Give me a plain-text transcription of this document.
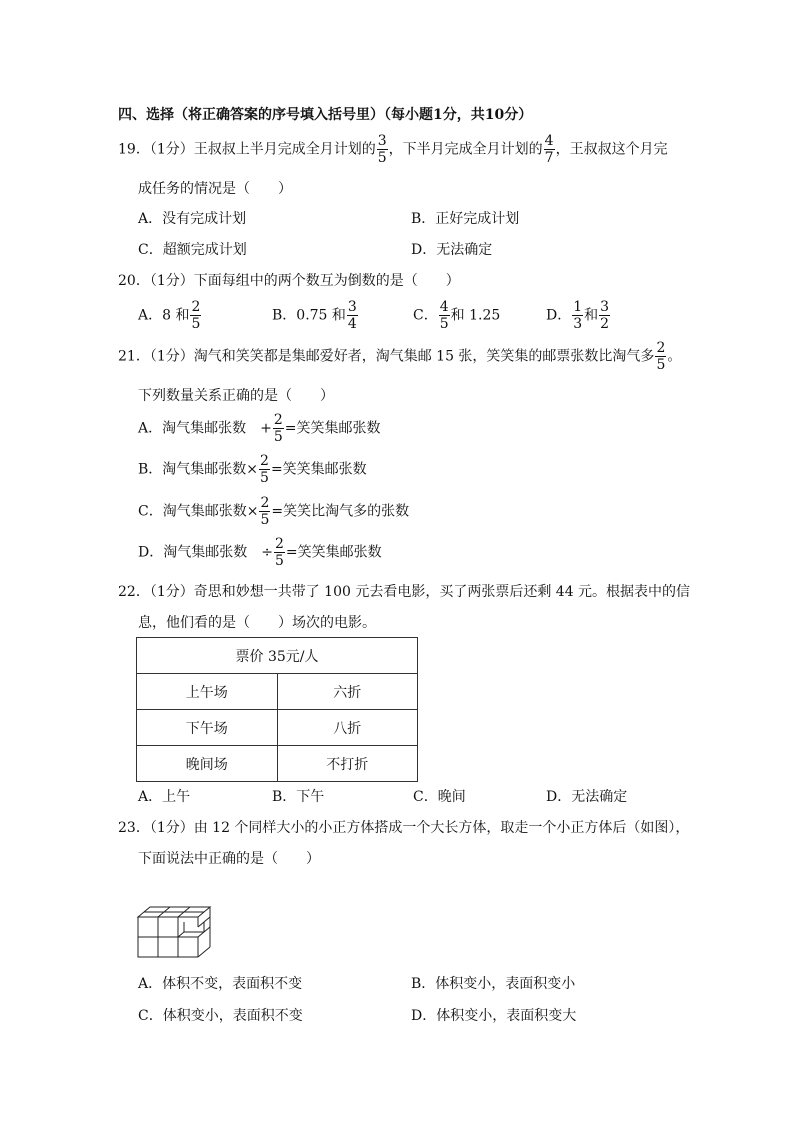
四、选择（将正确答案的序号填入括号里）（每小题1分，共10分）
19．（1分）王叔叔上半月完成全月计划的 $\frac{3}{5}$ ，下半月完成全月计划的 $\frac{4}{7}$ ，王叔叔这个月完
成任务的情况是（　　）
A．没有完成计划	B．正好完成计划
C．超额完成计划	D．无法确定
20．（1分）下面每组中的两个数互为倒数的是（　　）
A．8 和 $\frac{2}{5}$	B．0.75 和 $\frac{3}{4}$	C． $\frac{4}{5}$ 和 1.25	D． $\frac{1}{3}$ 和 $\frac{3}{2}$
21．（1分）淘气和笑笑都是集邮爱好者，淘气集邮 15 张，笑笑集的邮票张数比淘气多 $\frac{2}{5}$ 。
下列数量关系正确的是（　　）
A．淘气集邮张数　+ $\frac{2}{5}$ =笑笑集邮张数
B．淘气集邮张数× $\frac{2}{5}$ =笑笑集邮张数
C．淘气集邮张数× $\frac{2}{5}$ =笑笑比淘气多的张数
D．淘气集邮张数　÷ $\frac{2}{5}$ =笑笑集邮张数
22．（1分）奇思和妙想一共带了 100 元去看电影，买了两张票后还剩 44 元。根据表中的信
息，他们看的是（　　）场次的电影。
票价 35元/人	
上午场	六折
下午场	八折
晚间场	不打折
A．上午	B．下午	C．晚间	D．无法确定
23．（1分）由 12 个同样大小的小正方体搭成一个大长方体，取走一个小正方体后（如图），
下面说法中正确的是（　　）
A．体积不变，表面积不变	B．体积变小，表面积变小
C．体积变小，表面积不变	D．体积变小，表面积变大
